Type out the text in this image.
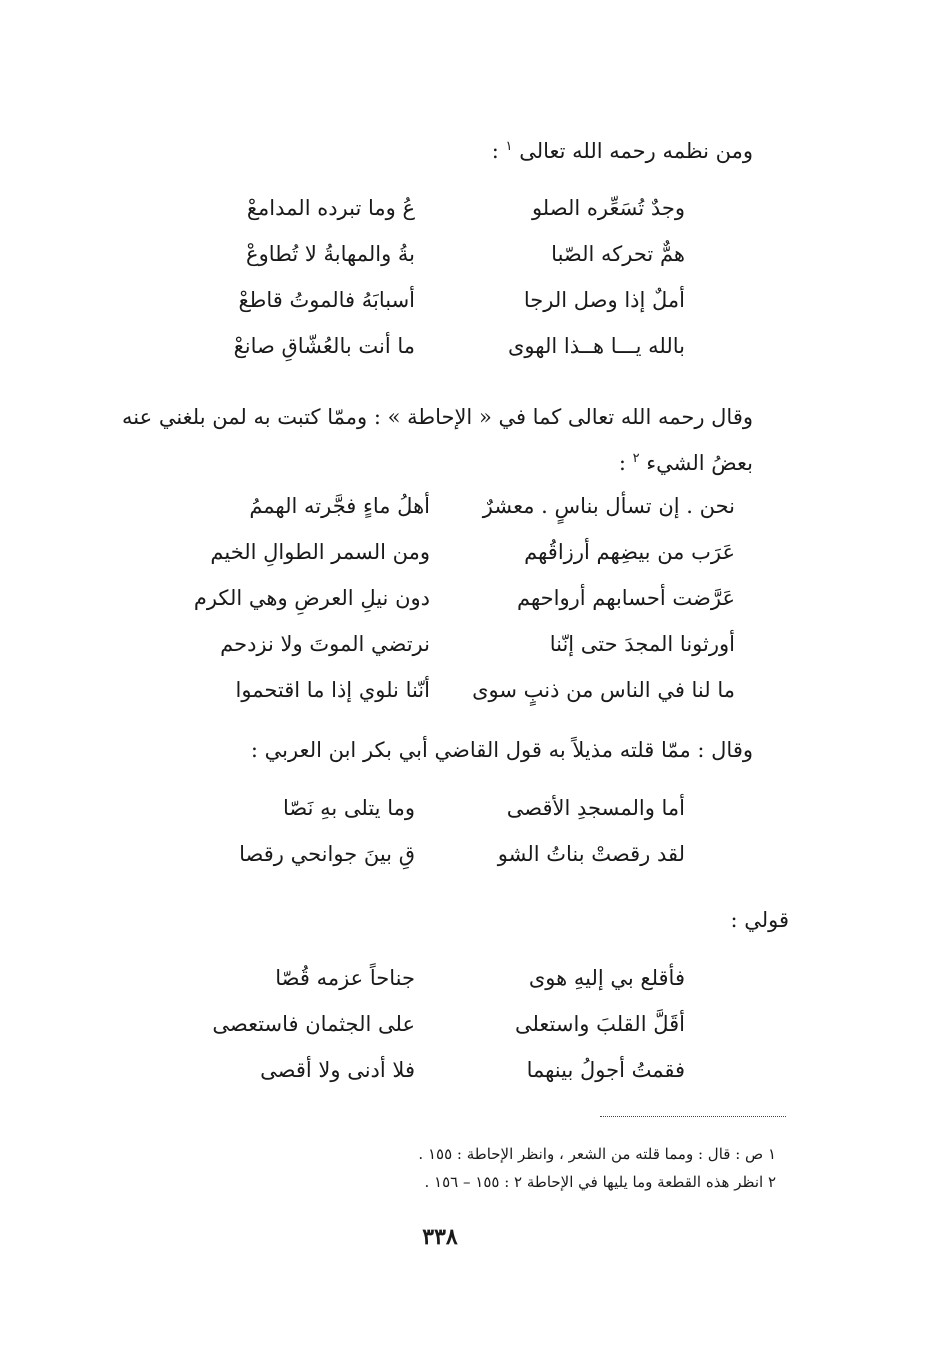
ومن نظمه رحمه الله تعالى $^١$ :
وجدٌ تُسَعِّره الصلو
عُ وما تبرده المدامعْ
همٌّ تحركه الصّبا
بةُ والمهابةُ لا تُطاوعْ
أملٌ إذا وصل الرجا
أسبابَهُ فالموتُ قاطعْ
بالله يـــا هــذا الهوى
ما أنت بالعُشّاقِ صانعْ
وقال رحمه الله تعالى كما في « الإحاطة » : وممّا كتبت به لمن بلغني عنه
بعضُ الشيء $^٢$ :
نحن . إن تسأل بناسٍ . معشرٌ
أهلُ ماءٍ فجَّرته الهممُ
عَرَب من بيضِهم أرزاقُهم
ومن السمر الطوالِ الخيم
عَرَّضت أحسابهم أرواحهم
دون نيلِ العرضِ وهي الكرم
أورثونا المجدَ حتى إنّنا
نرتضي الموتَ ولا نزدحم
ما لنا في الناس من ذنبٍ سوى
أنّنا نلوي إذا ما اقتحموا
وقال : ممّا قلته مذيلاً به قول القاضي أبي بكر ابن العربي :
أما والمسجدِ الأقصى
وما يتلى بهِ نَصّا
لقد رقصتْ بناتُ الشو
قِ بينَ جوانحي رقصا
قولي :
فأقلع بي إليهِ هوى
جناحاً عزمه قُصّا
أقَلَّ القلبَ واستعلى
على الجثمان فاستعصى
فقمتُ أجولُ بينهما
فلا أدنى ولا أقصى
١ ص : قال : ومما قلته من الشعر ، وانظر الإحاطة : ١٥٥ .
٢ انظر هذه القطعة وما يليها في الإحاطة ٢ : ١٥٥ – ١٥٦ .
٣٣٨
